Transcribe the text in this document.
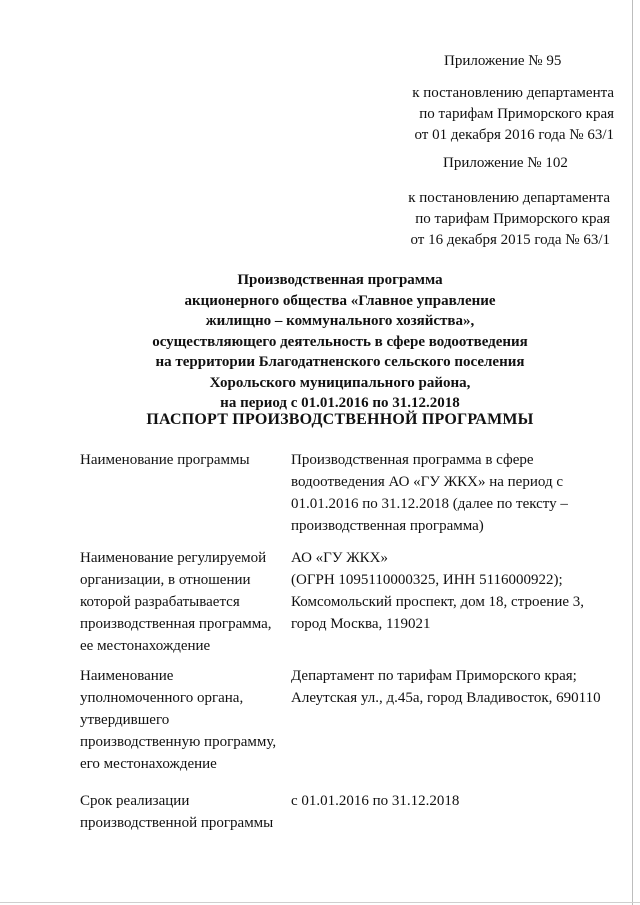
Приложение № 95
к постановлению департамента
по тарифам Приморского края
от 01 декабря 2016 года № 63/1
Приложение № 102
к постановлению департамента
по тарифам Приморского края
от 16 декабря 2015 года № 63/1
Производственная программа
акционерного общества «Главное управление
жилищно – коммунального хозяйства»,
осуществляющего деятельность в сфере водоотведения
на территории Благодатненского сельского поселения
Хорольского муниципального района,
на период с 01.01.2016 по 31.12.2018
ПАСПОРТ ПРОИЗВОДСТВЕННОЙ ПРОГРАММЫ
Наименование программы	Производственная программа в сфере
водоотведения АО «ГУ ЖКХ» на период с
01.01.2016 по 31.12.2018 (далее по тексту –
производственная программа)
Наименование регулируемой
организации, в отношении
которой разрабатывается
производственная программа,
ее местонахождение
АО «ГУ ЖКХ»
(ОГРН 1095110000325, ИНН 5116000922);
Комсомольский проспект, дом 18, строение 3,
город Москва, 119021
Наименование
уполномоченного органа,
утвердившего
производственную программу,
его местонахождение
Департамент по тарифам Приморского края;
Алеутская ул., д.45а, город Владивосток, 690110
Срок реализации
производственной программы
с 01.01.2016 по 31.12.2018
